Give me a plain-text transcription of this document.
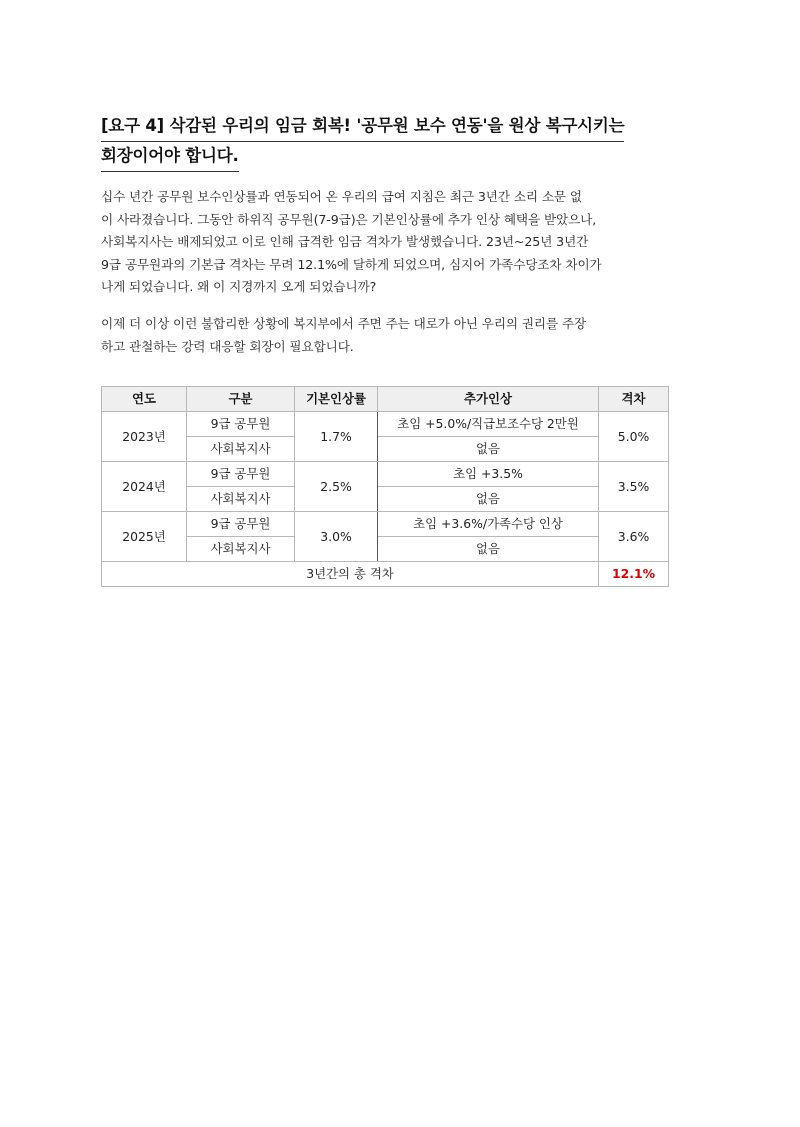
[요구 4] 삭감된 우리의 임금 회복! '공무원 보수 연동'을 원상 복구시키는
회장이어야 합니다.
십수 년간 공무원 보수인상률과 연동되어 온 우리의 급여 지침은 최근 3년간 소리 소문 없
이 사라졌습니다. 그동안 하위직 공무원(7-9급)은 기본인상률에 추가 인상 혜택을 받았으나,
사회복지사는 배제되었고 이로 인해 급격한 임금 격차가 발생했습니다. 23년~25년 3년간
9급 공무원과의 기본급 격차는 무려 12.1%에 달하게 되었으며, 심지어 가족수당조차 차이가
나게 되었습니다. 왜 이 지경까지 오게 되었습니까?
이제 더 이상 이런 불합리한 상황에 복지부에서 주면 주는 대로가 아닌 우리의 권리를 주장
하고 관철하는 강력 대응할 회장이 필요합니다.
연도	구분	기본인상률	추가인상	격차
2023년	9급 공무원	1.7%	초임 +5.0%/직급보조수당 2만원	5.0%
	사회복지사		없음	
2024년	9급 공무원	2.5%	초임 +3.5%	3.5%
	사회복지사		없음	
2025년	9급 공무원	3.0%	초임 +3.6%/가족수당 인상	3.6%
	사회복지사		없음	
3년간의 총 격차				12.1%
